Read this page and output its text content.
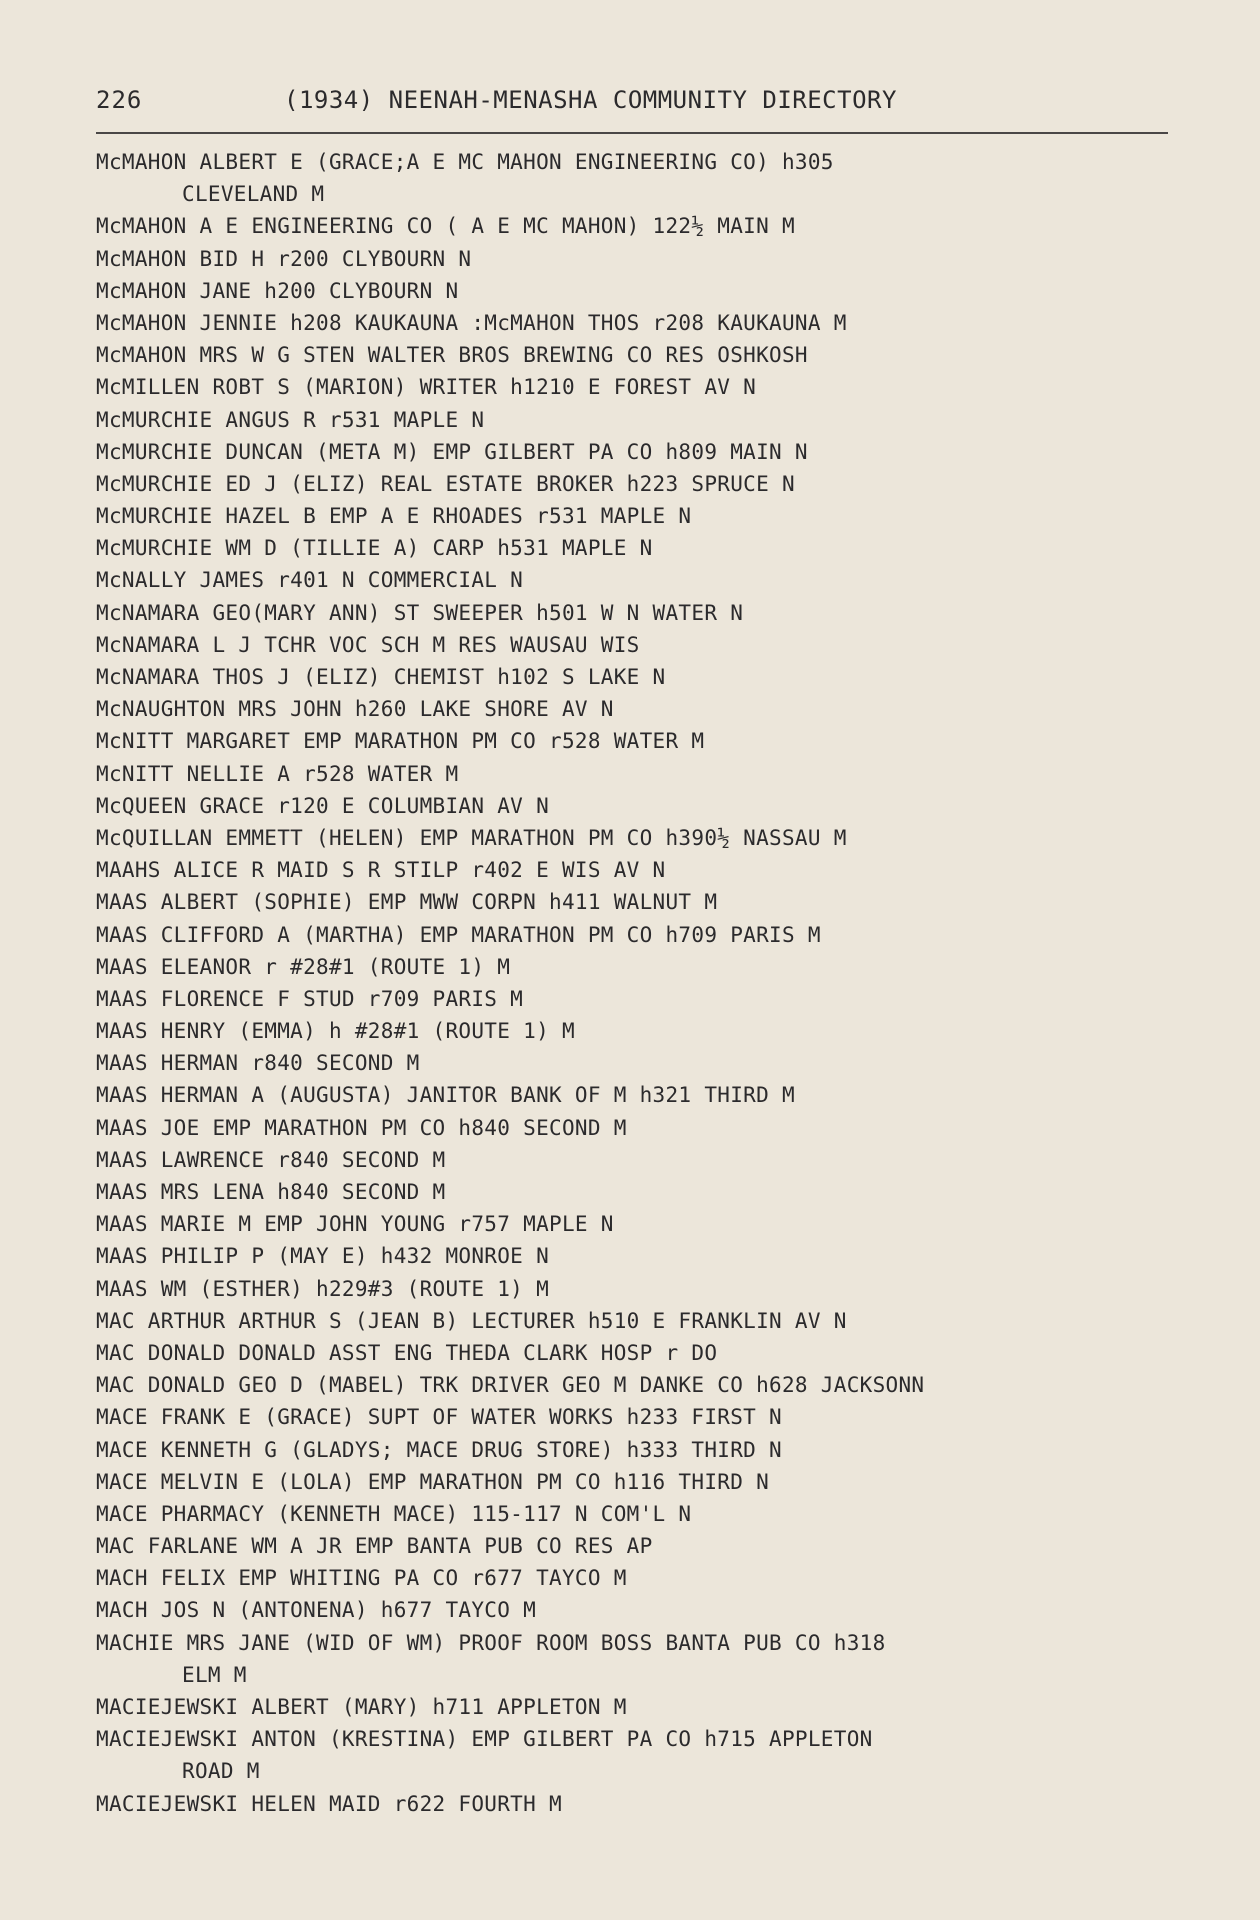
226	(1934) NEENAH-MENASHA COMMUNITY DIRECTORY
McMAHON ALBERT E (GRACE;A E MC MAHON ENGINEERING CO) h305
CLEVELAND M
McMAHON A E ENGINEERING CO ( A E MC MAHON) 122½ MAIN M
McMAHON BID H r200 CLYBOURN N
McMAHON JANE h200 CLYBOURN N
McMAHON JENNIE h208 KAUKAUNA :McMAHON THOS r208 KAUKAUNA M
McMAHON MRS W G STEN WALTER BROS BREWING CO RES OSHKOSH
McMILLEN ROBT S (MARION) WRITER h1210 E FOREST AV N
McMURCHIE ANGUS R r531 MAPLE N
McMURCHIE DUNCAN (META M) EMP GILBERT PA CO h809 MAIN N
McMURCHIE ED J (ELIZ) REAL ESTATE BROKER h223 SPRUCE N
McMURCHIE HAZEL B EMP A E RHOADES r531 MAPLE N
McMURCHIE WM D (TILLIE A) CARP h531 MAPLE N
McNALLY JAMES r401 N COMMERCIAL N
McNAMARA GEO(MARY ANN) ST SWEEPER h501 W N WATER N
McNAMARA L J TCHR VOC SCH M RES WAUSAU WIS
McNAMARA THOS J (ELIZ) CHEMIST h102 S LAKE N
McNAUGHTON MRS JOHN h260 LAKE SHORE AV N
McNITT MARGARET EMP MARATHON PM CO r528 WATER M
McNITT NELLIE A r528 WATER M
McQUEEN GRACE r120 E COLUMBIAN AV N
McQUILLAN EMMETT (HELEN) EMP MARATHON PM CO h390½ NASSAU M
MAAHS ALICE R MAID S R STILP r402 E WIS AV N
MAAS ALBERT (SOPHIE) EMP MWW CORPN h411 WALNUT M
MAAS CLIFFORD A (MARTHA) EMP MARATHON PM CO h709 PARIS M
MAAS ELEANOR r #28#1 (ROUTE 1) M
MAAS FLORENCE F STUD r709 PARIS M
MAAS HENRY (EMMA) h #28#1 (ROUTE 1) M
MAAS HERMAN r840 SECOND M
MAAS HERMAN A (AUGUSTA) JANITOR BANK OF M h321 THIRD M
MAAS JOE EMP MARATHON PM CO h840 SECOND M
MAAS LAWRENCE r840 SECOND M
MAAS MRS LENA h840 SECOND M
MAAS MARIE M EMP JOHN YOUNG r757 MAPLE N
MAAS PHILIP P (MAY E) h432 MONROE N
MAAS WM (ESTHER) h229#3 (ROUTE 1) M
MAC ARTHUR ARTHUR S (JEAN B) LECTURER h510 E FRANKLIN AV N
MAC DONALD DONALD ASST ENG THEDA CLARK HOSP r DO
MAC DONALD GEO D (MABEL) TRK DRIVER GEO M DANKE CO h628 JACKSONN
MACE FRANK E (GRACE) SUPT OF WATER WORKS h233 FIRST N
MACE KENNETH G (GLADYS; MACE DRUG STORE) h333 THIRD N
MACE MELVIN E (LOLA) EMP MARATHON PM CO h116 THIRD N
MACE PHARMACY (KENNETH MACE) 115-117 N COM'L N
MAC FARLANE WM A JR EMP BANTA PUB CO RES AP
MACH FELIX EMP WHITING PA CO r677 TAYCO M
MACH JOS N (ANTONENA) h677 TAYCO M
MACHIE MRS JANE (WID OF WM) PROOF ROOM BOSS BANTA PUB CO h318
ELM M
MACIEJEWSKI ALBERT (MARY) h711 APPLETON M
MACIEJEWSKI ANTON (KRESTINA) EMP GILBERT PA CO h715 APPLETON
ROAD M
MACIEJEWSKI HELEN MAID r622 FOURTH M
